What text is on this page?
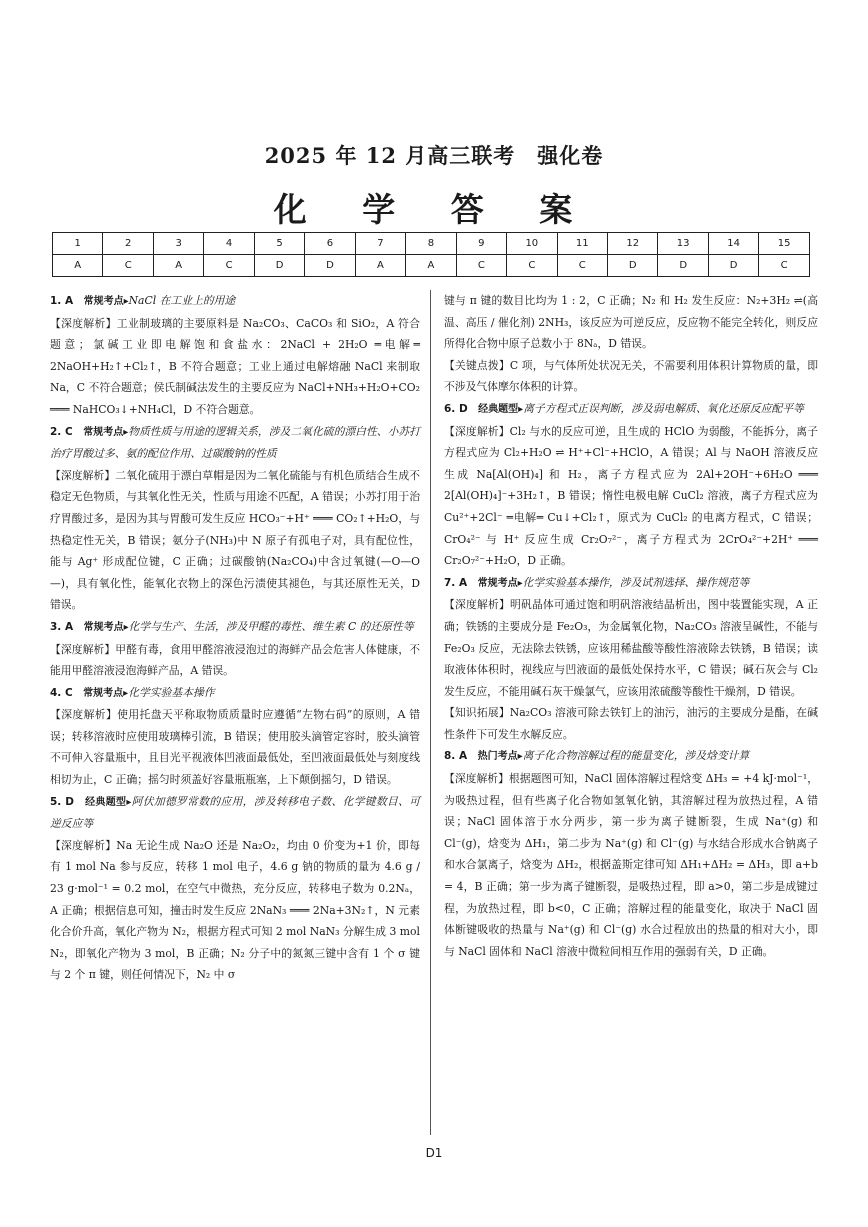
2025 年 12 月高三联考　强化卷
化 学 答 案
1	2	3	4	5	6	7	8	9	10	11	12	13	14	15
A	C	A	C	D	D	A	A	C	C	C	D	D	D	C

1. A　常规考点▸NaCl 在工业上的用途

【深度解析】工业制玻璃的主要原料是 Na₂CO₃、CaCO₃ 和 SiO₂，A 符合题意；氯碱工业即电解饱和食盐水：2NaCl + 2H₂O ═电解═ 2NaOH+H₂↑+Cl₂↑，B 不符合题意；工业上通过电解熔融 NaCl 来制取 Na，C 不符合题意；侯氏制碱法发生的主要反应为 NaCl+NH₃+H₂O+CO₂ ═══ NaHCO₃↓+NH₄Cl，D 不符合题意。

2. C　常规考点▸物质性质与用途的逻辑关系，涉及二氧化硫的漂白性、小苏打治疗胃酸过多、氨的配位作用、过碳酸钠的性质

【深度解析】二氧化硫用于漂白草帽是因为二氧化硫能与有机色质结合生成不稳定无色物质，与其氧化性无关，性质与用途不匹配，A 错误；小苏打用于治疗胃酸过多，是因为其与胃酸可发生反应 HCO₃⁻+H⁺ ═══ CO₂↑+H₂O，与热稳定性无关，B 错误；氨分子(NH₃)中 N 原子有孤电子对，具有配位性，能与 Ag⁺ 形成配位键，C 正确；过碳酸钠(Na₂CO₄)中含过氧键(—O—O—)，具有氧化性，能氧化衣物上的深色污渍使其褪色，与其还原性无关，D 错误。

3. A　常规考点▸化学与生产、生活，涉及甲醛的毒性、维生素 C 的还原性等

【深度解析】甲醛有毒，食用甲醛溶液浸泡过的海鲜产品会危害人体健康，不能用甲醛溶液浸泡海鲜产品，A 错误。

4. C　常规考点▸化学实验基本操作

【深度解析】使用托盘天平称取物质质量时应遵循“左物右码”的原则，A 错误；转移溶液时应使用玻璃棒引流，B 错误；使用胶头滴管定容时，胶头滴管不可伸入容量瓶中，且目光平视液体凹液面最低处，至凹液面最低处与刻度线相切为止，C 正确；摇匀时须盖好容量瓶瓶塞，上下颠倒摇匀，D 错误。

5. D　经典题型▸阿伏加德罗常数的应用，涉及转移电子数、化学键数目、可逆反应等

【深度解析】Na 无论生成 Na₂O 还是 Na₂O₂，均由 0 价变为+1 价，即每有 1 mol Na 参与反应，转移 1 mol 电子，4.6 g 钠的物质的量为 4.6 g / 23 g·mol⁻¹ = 0.2 mol，在空气中微热，充分反应，转移电子数为 0.2Nₐ，A 正确；根据信息可知，撞击时发生反应 2NaN₃ ═══ 2Na+3N₂↑，N 元素化合价升高，氧化产物为 N₂，根据方程式可知 2 mol NaN₃ 分解生成 3 mol N₂，即氧化产物为 3 mol，B 正确；N₂ 分子中的氮氮三键中含有 1 个 σ 键与 2 个 π 键，则任何情况下，N₂ 中 σ

键与 π 键的数目比均为 1 : 2，C 正确；N₂ 和 H₂ 发生反应：N₂+3H₂ ⇌(高温、高压 / 催化剂) 2NH₃，该反应为可逆反应，反应物不能完全转化，则反应所得化合物中原子总数小于 8Nₐ，D 错误。

【关键点拨】C 项，与气体所处状况无关，不需要利用体积计算物质的量，即不涉及气体摩尔体积的计算。

6. D　经典题型▸离子方程式正误判断，涉及弱电解质、氧化还原反应配平等

【深度解析】Cl₂ 与水的反应可逆，且生成的 HClO 为弱酸，不能拆分，离子方程式应为 Cl₂+H₂O ⇌ H⁺+Cl⁻+HClO，A 错误；Al 与 NaOH 溶液反应生成 Na[Al(OH)₄] 和 H₂，离子方程式应为 2Al+2OH⁻+6H₂O ═══ 2[Al(OH)₄]⁻+3H₂↑，B 错误；惰性电极电解 CuCl₂ 溶液，离子方程式应为 Cu²⁺+2Cl⁻ ═电解═ Cu↓+Cl₂↑，原式为 CuCl₂ 的电离方程式，C 错误；CrO₄²⁻ 与 H⁺ 反应生成 Cr₂O₇²⁻，离子方程式为 2CrO₄²⁻+2H⁺ ═══ Cr₂O₇²⁻+H₂O，D 正确。

7. A　常规考点▸化学实验基本操作，涉及试剂选择、操作规范等

【深度解析】明矾晶体可通过饱和明矾溶液结晶析出，图中装置能实现，A 正确；铁锈的主要成分是 Fe₂O₃，为金属氧化物，Na₂CO₃ 溶液呈碱性，不能与 Fe₂O₃ 反应，无法除去铁锈，应该用稀盐酸等酸性溶液除去铁锈，B 错误；读取液体体积时，视线应与凹液面的最低处保持水平，C 错误；碱石灰会与 Cl₂ 发生反应，不能用碱石灰干燥氯气，应该用浓硫酸等酸性干燥剂，D 错误。

【知识拓展】Na₂CO₃ 溶液可除去铁钉上的油污，油污的主要成分是酯，在碱性条件下可发生水解反应。

8. A　热门考点▸离子化合物溶解过程的能量变化，涉及焓变计算

【深度解析】根据题图可知，NaCl 固体溶解过程焓变 ΔH₃ = +4 kJ·mol⁻¹，为吸热过程，但有些离子化合物如氢氧化钠，其溶解过程为放热过程，A 错误；NaCl 固体溶于水分两步，第一步为离子键断裂，生成 Na⁺(g) 和 Cl⁻(g)，焓变为 ΔH₁，第二步为 Na⁺(g) 和 Cl⁻(g) 与水结合形成水合钠离子和水合氯离子，焓变为 ΔH₂，根据盖斯定律可知 ΔH₁+ΔH₂ = ΔH₃，即 a+b = 4，B 正确；第一步为离子键断裂，是吸热过程，即 a>0，第二步是成键过程，为放热过程，即 b<0，C 正确；溶解过程的能量变化，取决于 NaCl 固体断键吸收的热量与 Na⁺(g) 和 Cl⁻(g) 水合过程放出的热量的相对大小，即与 NaCl 固体和 NaCl 溶液中微粒间相互作用的强弱有关，D 正确。

D1
